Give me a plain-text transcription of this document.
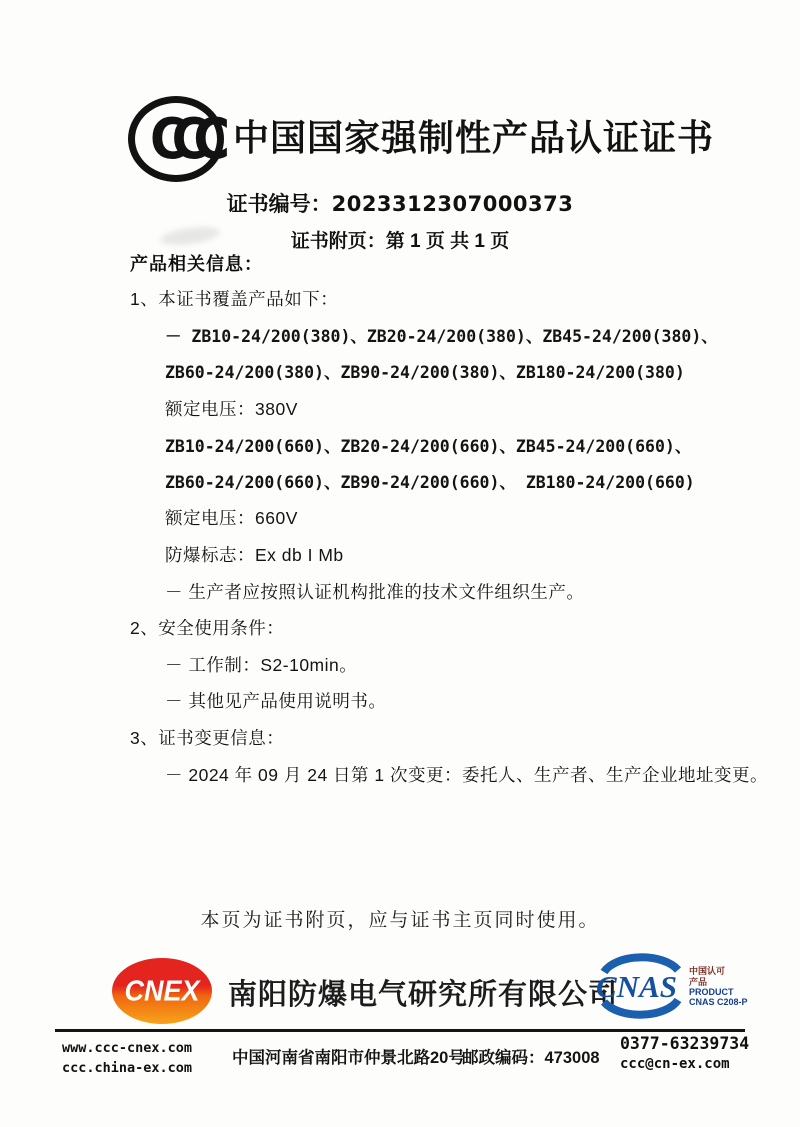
CCC 中国国家强制性产品认证证书
证书编号：2023312307000373
证书附页：第 1 页 共 1 页
产品相关信息：
1、本证书覆盖产品如下：
－ ZB10-24/200(380)、ZB20-24/200(380)、ZB45-24/200(380)、
ZB60-24/200(380)、ZB90-24/200(380)、ZB180-24/200(380)
额定电压：380V
ZB10-24/200(660)、ZB20-24/200(660)、ZB45-24/200(660)、
ZB60-24/200(660)、ZB90-24/200(660)、 ZB180-24/200(660)
额定电压：660V
防爆标志：Ex db I Mb
－ 生产者应按照认证机构批准的技术文件组织生产。
2、安全使用条件：
－ 工作制：S2-10min。
－ 其他见产品使用说明书。
3、证书变更信息：
－ 2024 年 09 月 24 日第 1 次变更：委托人、生产者、生产企业地址变更。
本页为证书附页，应与证书主页同时使用。
CNEX 南阳防爆电气研究所有限公司
CNAS 中国认可
产品
PRODUCT
CNAS C208-P
www.ccc-cnex.com
ccc.china-ex.com
中国河南省南阳市仲景北路20号
邮政编码：473008
0377-63239734
ccc@cn-ex.com
